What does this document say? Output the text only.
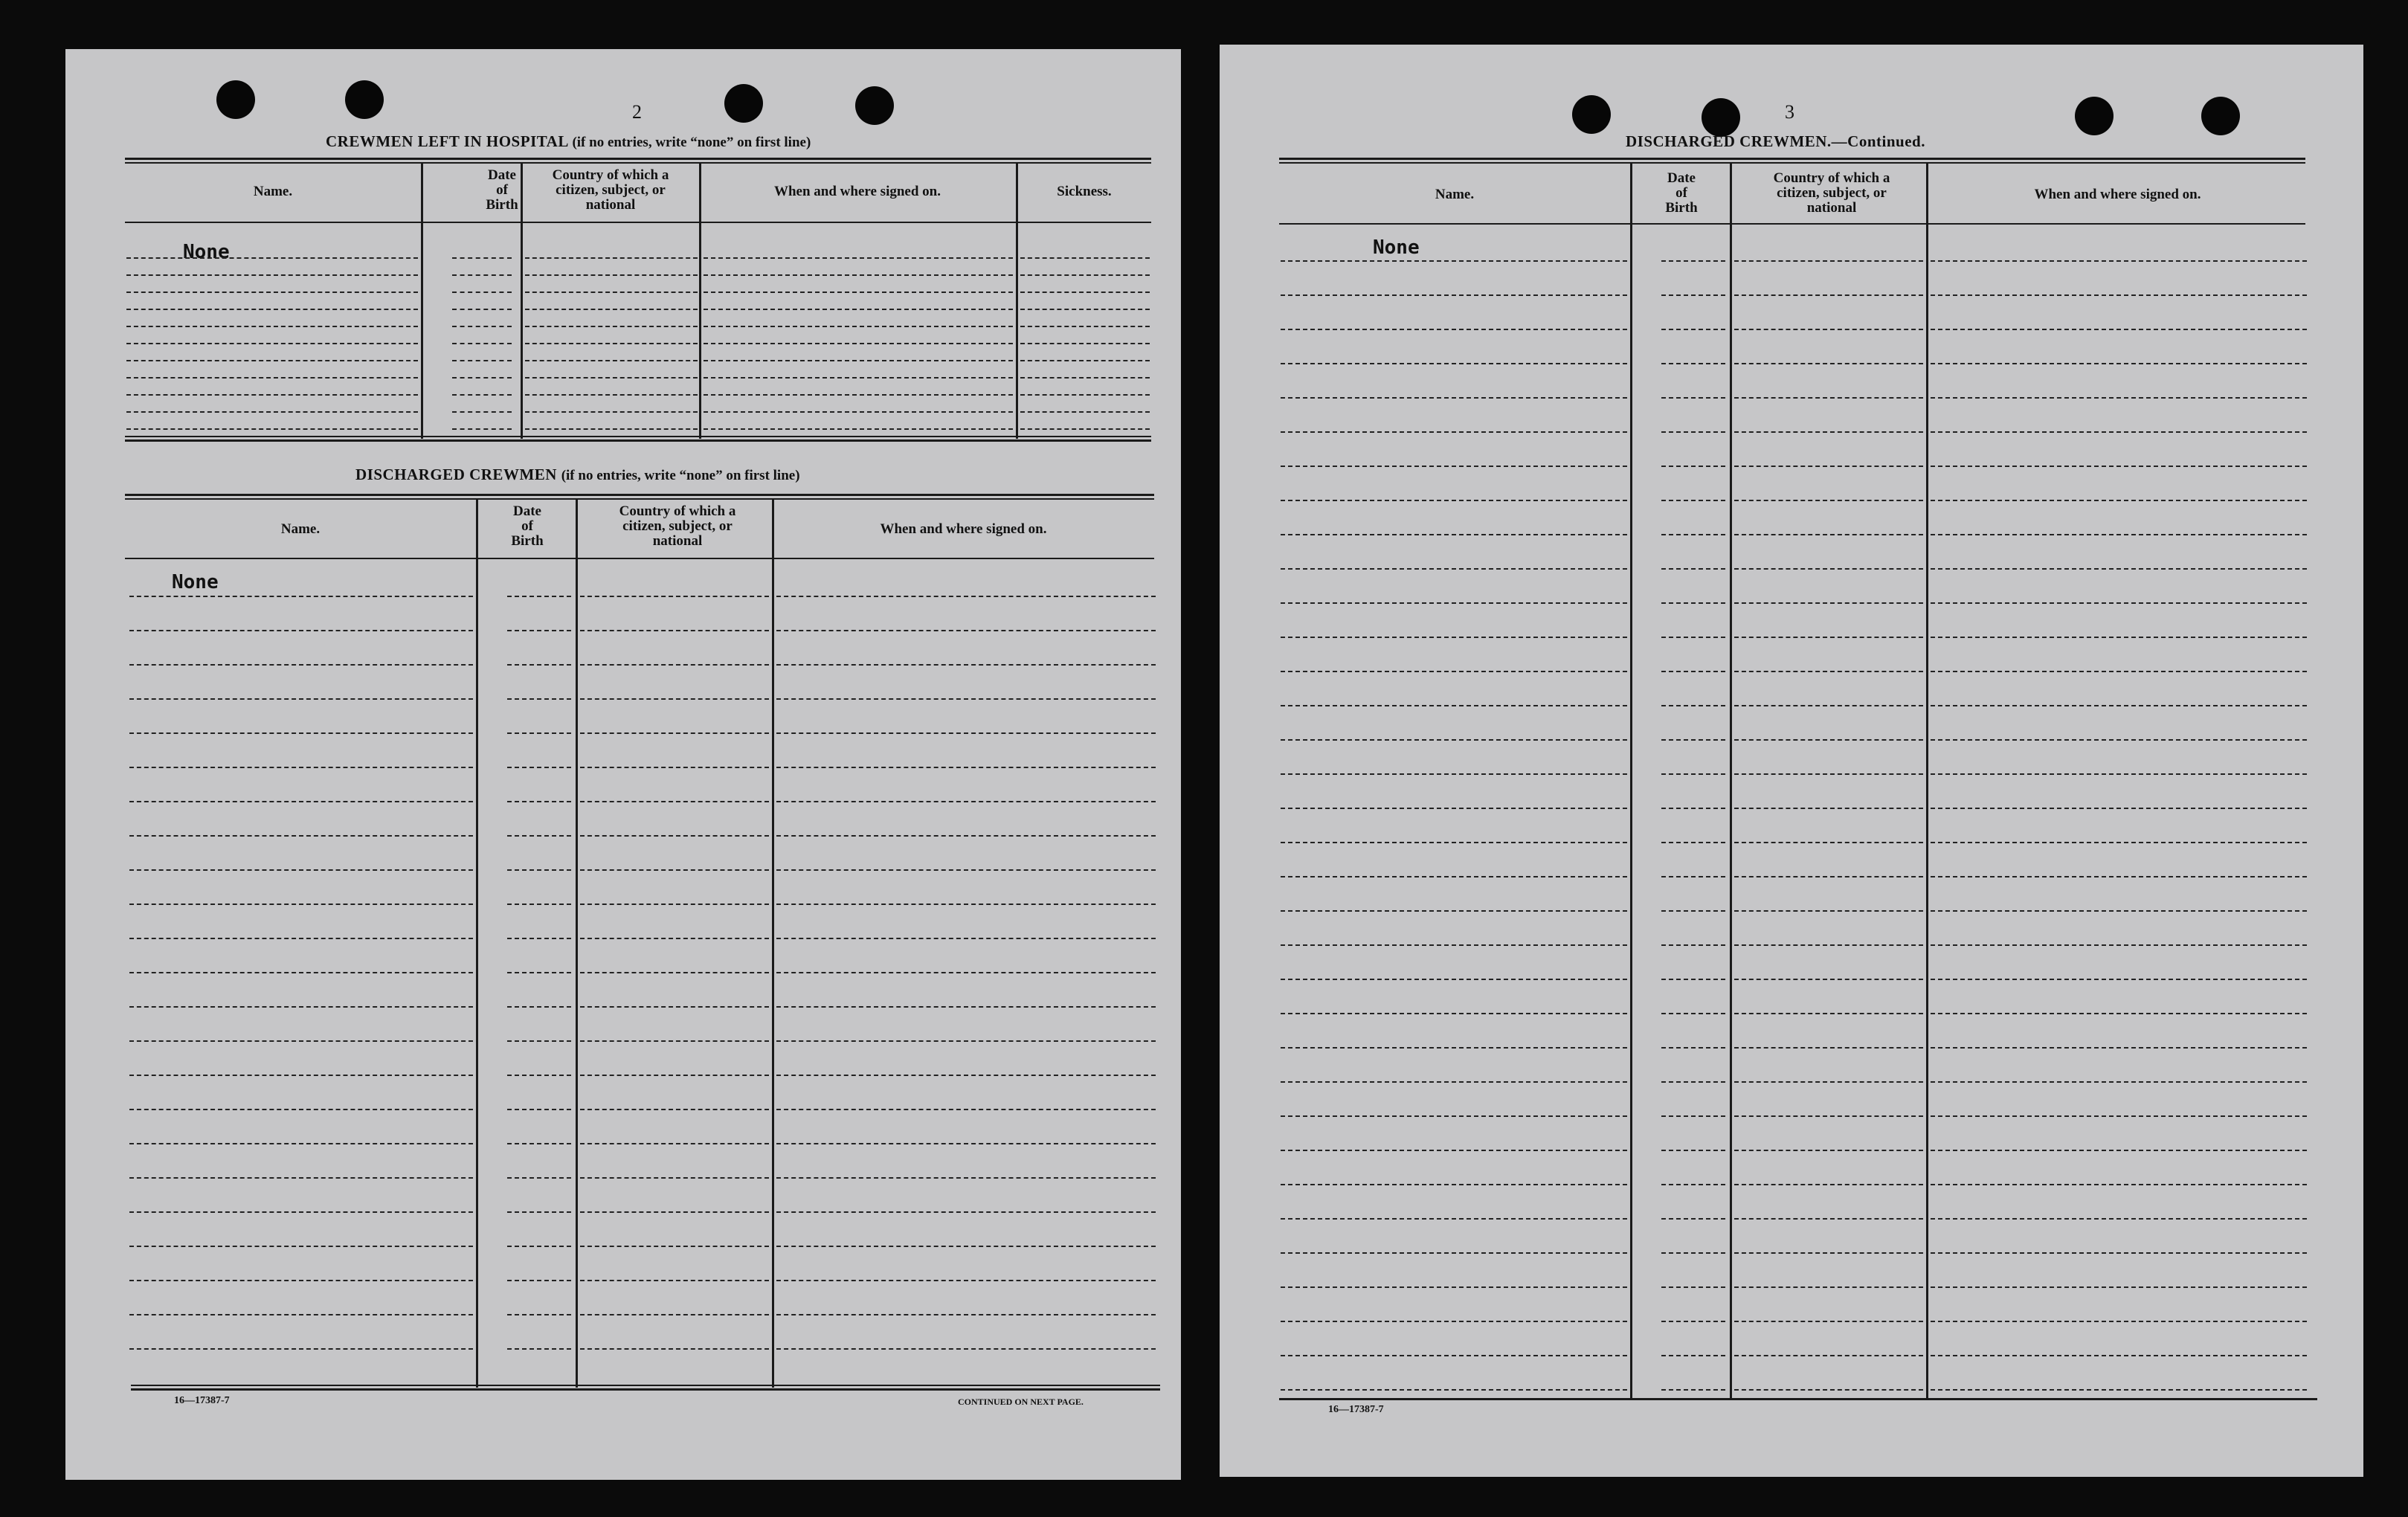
2
CREWMEN LEFT IN HOSPITAL (if no entries, write “none” on first line)
Name.
Date
of
Birth
Country of which a
citizen, subject, or
national
When and where signed on.	Sickness.
None
DISCHARGED CREWMEN (if no entries, write “none” on first line)
Name.
Date
of
Birth
Country of which a
citizen, subject, or
national
When and where signed on.
None
16—17387-7	CONTINUED ON NEXT PAGE.
3
DISCHARGED CREWMEN.—Continued.
Name.
Date
of
Birth
Country of which a
citizen, subject, or
national
When and where signed on.
None
16—17387-7
